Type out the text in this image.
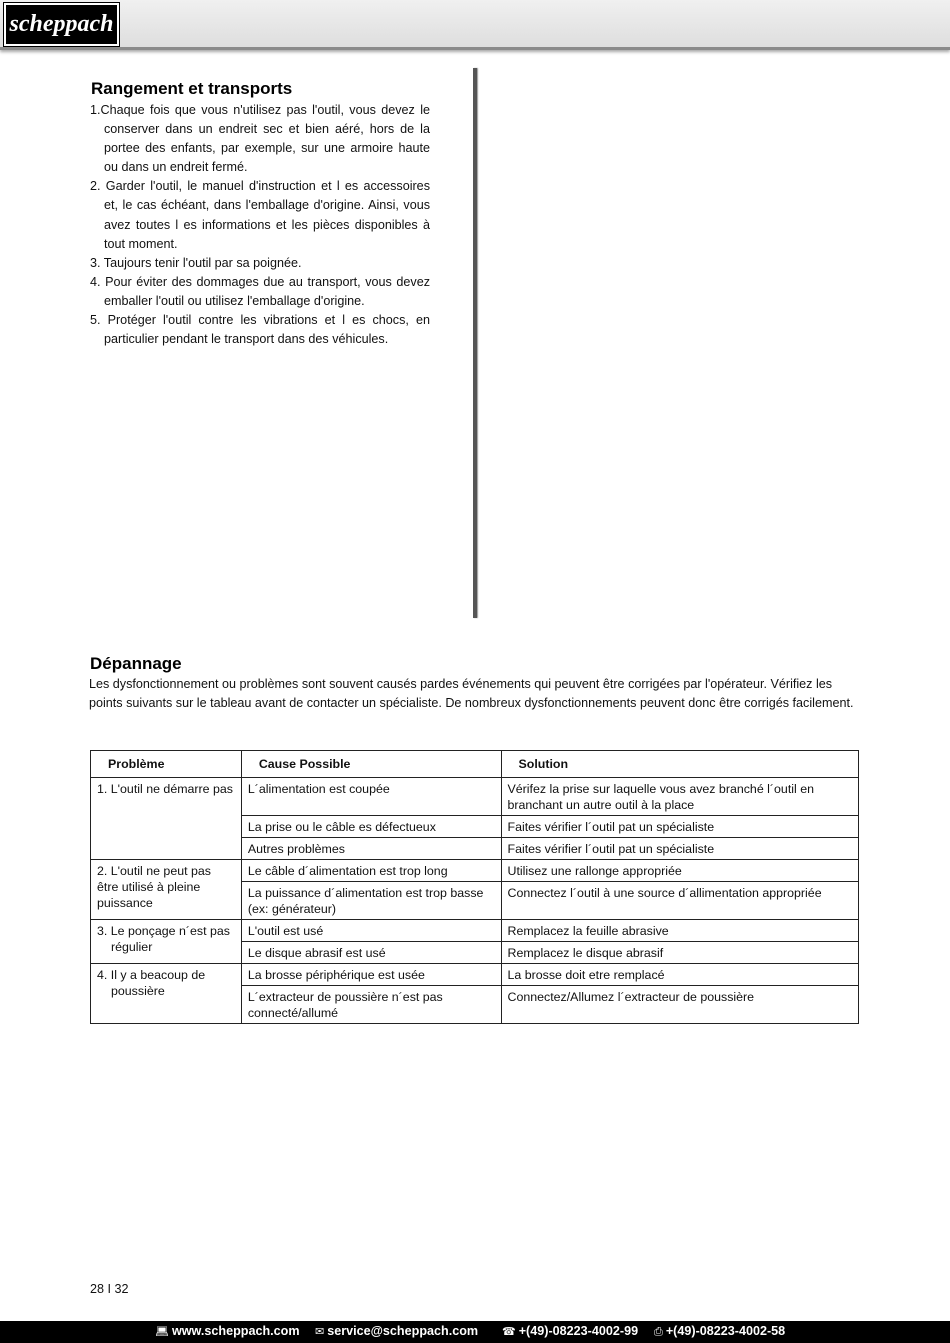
scheppach
Rangement et transports
1.Chaque fois que vous n'utilisez pas l'outil, vous devez le conserver dans un endreit sec et bien aéré, hors de la portee des enfants, par exemple, sur une armoire haute ou dans un endreit fermé.
2. Garder l'outil, le manuel d'instruction et l es accessoires et, le cas échéant, dans l'emballage d'origine. Ainsi, vous avez toutes l es informations et les pièces disponibles à tout moment.
3. Taujours tenir l'outil par sa poignée.
4. Pour éviter des dommages due au transport, vous devez emballer l'outil ou utilisez l'emballage d'origine.
5. Protéger l'outil contre les vibrations et l es chocs, en particulier pendant le transport dans des véhicules.
Dépannage
Les dysfonctionnement ou problèmes sont souvent causés pardes événements qui peuvent être corrigées par l'opérateur. Vérifiez les points suivants sur le tableau avant de contacter un spécialiste. De nombreux dysfonctionnements peuvent donc être corrigés facilement.
Problème	Cause Possible	Solution

1. L'outil ne démarre pas	L´alimentation est coupée	Vérifez la prise sur laquelle vous avez branché l´outil en branchant un autre outil à la place
	La prise ou le câble es défectueux	Faites vérifier l´outil pat un spécialiste
	Autres problèmes	Faites vérifier l´outil pat un spécialiste

2. L'outil ne peut pas être utilisé à pleine puissance	Le câble d´alimentation est trop long	Utilisez une rallonge appropriée
	La puissance d´alimentation est trop basse (ex: générateur)	Connectez l´outil à une source d´allimentation appropriée

3. Le ponçage n´est pas régulier	L'outil est usé	Remplacez la feuille abrasive
	Le disque abrasif est usé	Remplacez le disque abrasif

4. Il y a beacoup de poussière	La brosse périphérique est usée	La brosse doit etre remplacé
	L´extracteur de poussière n´est pas connecté/allumé	Connectez/Allumez l´extracteur de poussière
28 I 32
💻︎ www.scheppach.com ✉︎ service@scheppach.com ☎︎ +(49)-08223-4002-99 ⎙ +(49)-08223-4002-58
